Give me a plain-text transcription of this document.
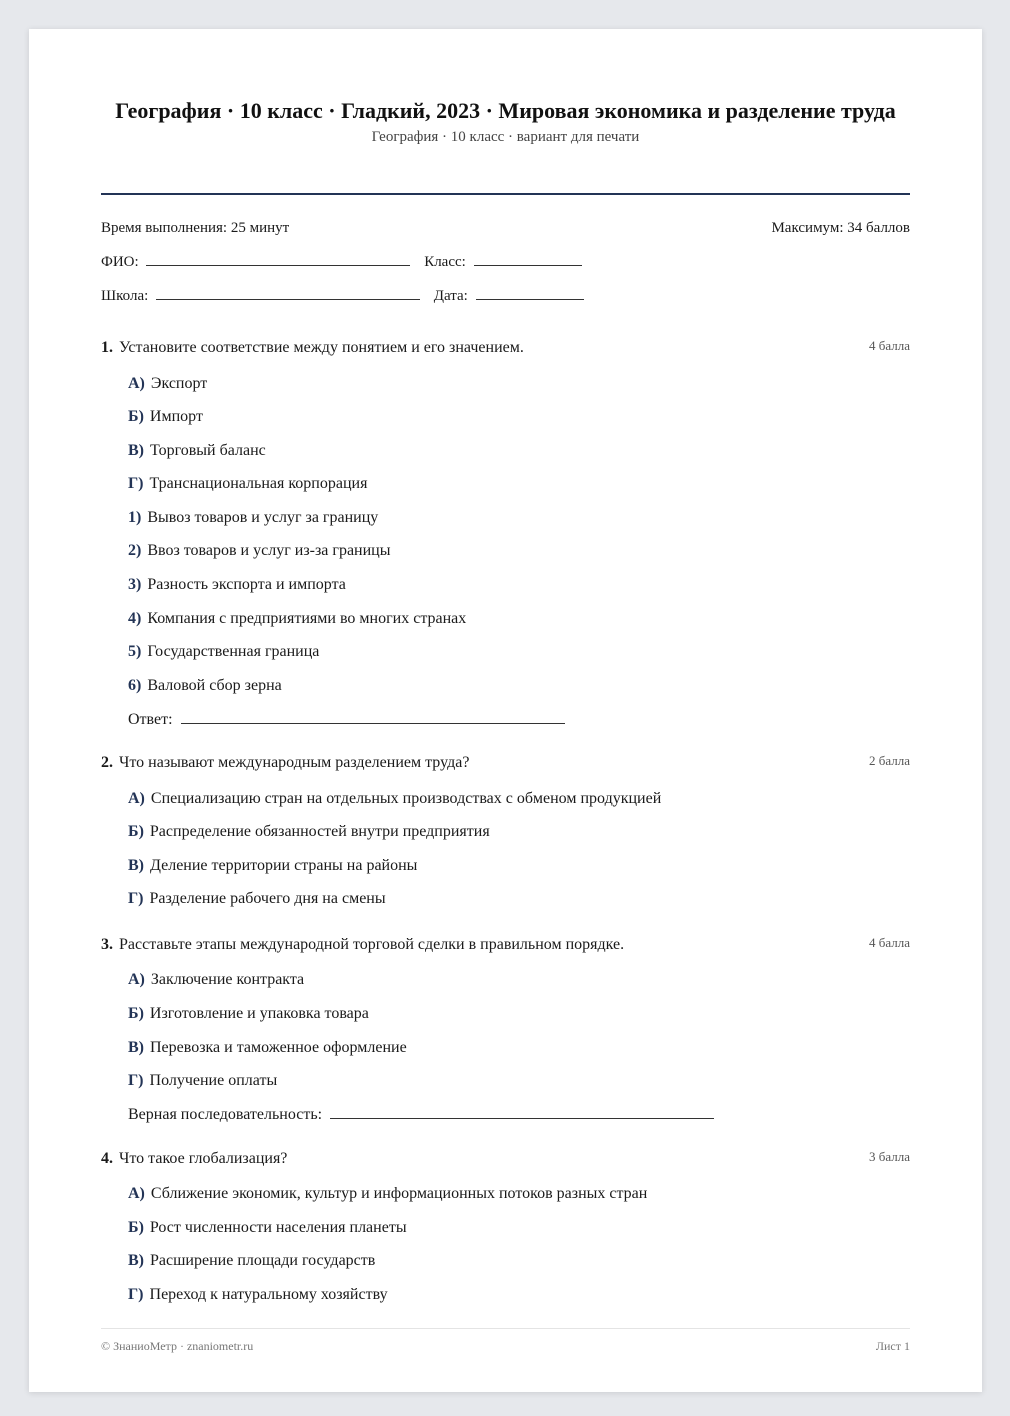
География · 10 класс · Гладкий, 2023 · Мировая экономика и разделение труда
География · 10 класс · вариант для печати
Время выполнения: 25 минут	Максимум: 34 баллов
ФИО:	Класс:
Школа:	Дата:
1. Установите соответствие между понятием и его значением.	4 балла
А) Экспорт
Б) Импорт
В) Торговый баланс
Г) Транснациональная корпорация
1) Вывоз товаров и услуг за границу
2) Ввоз товаров и услуг из-за границы
3) Разность экспорта и импорта
4) Компания с предприятиями во многих странах
5) Государственная граница
6) Валовой сбор зерна
Ответ:
2. Что называют международным разделением труда?	2 балла
А) Специализацию стран на отдельных производствах с обменом продукцией
Б) Распределение обязанностей внутри предприятия
В) Деление территории страны на районы
Г) Разделение рабочего дня на смены
3. Расставьте этапы международной торговой сделки в правильном порядке.	4 балла
А) Заключение контракта
Б) Изготовление и упаковка товара
В) Перевозка и таможенное оформление
Г) Получение оплаты
Верная последовательность:
4. Что такое глобализация?	3 балла
А) Сближение экономик, культур и информационных потоков разных стран
Б) Рост численности населения планеты
В) Расширение площади государств
Г) Переход к натуральному хозяйству
© ЗнаниоМетр · znaniometr.ru	Лист 1
